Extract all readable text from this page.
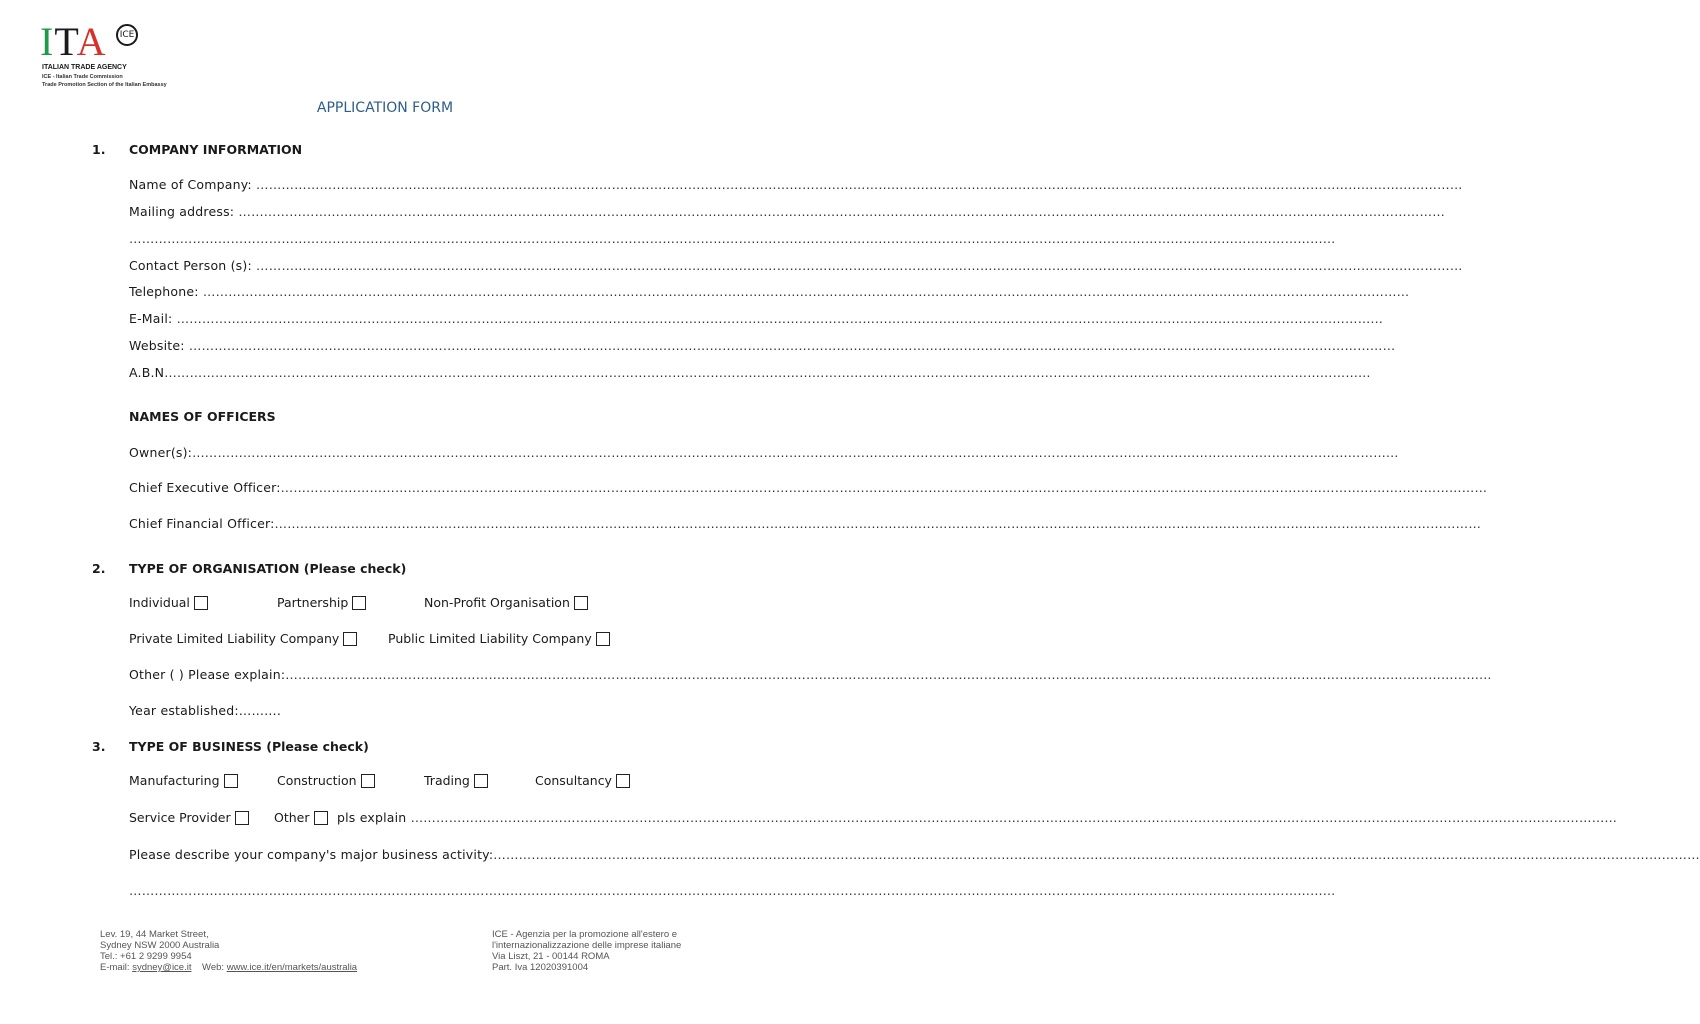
ITA	ICE
ITALIAN TRADE AGENCY
ICE - Italian Trade Commission
Trade Promotion Section of the Italian Embassy
APPLICATION FORM
1. COMPANY INFORMATION
Name of Company: ……………………………………………………………………………………………………………………………………………………………………………………………………………………………………………………………
Mailing address: ……………………………………………………………………………………………………………………………………………………………………………………………………………………………………………………………
……………………………………………………………………………………………………………………………………………………………………………………………………………………………………………………………
Contact Person (s): ……………………………………………………………………………………………………………………………………………………………………………………………………………………………………………………………
Telephone: ……………………………………………………………………………………………………………………………………………………………………………………………………………………………………………………………
E-Mail: ……………………………………………………………………………………………………………………………………………………………………………………………………………………………………………………………
Website: ……………………………………………………………………………………………………………………………………………………………………………………………………………………………………………………………
A.B.N……………………………………………………………………………………………………………………………………………………………………………………………………………………………………………………………
NAMES OF OFFICERS
Owner(s):……………………………………………………………………………………………………………………………………………………………………………………………………………………………………………………………
Chief Executive Officer:……………………………………………………………………………………………………………………………………………………………………………………………………………………………………………………………
Chief Financial Officer:……………………………………………………………………………………………………………………………………………………………………………………………………………………………………………………………
2. TYPE OF ORGANISATION (Please check)
Individual	Partnership	Non-Profit Organisation
Private Limited Liability Company	Public Limited Liability Company
Other ( ) Please explain:……………………………………………………………………………………………………………………………………………………………………………………………………………………………………………………………
Year established:……….
3. TYPE OF BUSINESS (Please check)
Manufacturing	Construction	Trading	Consultancy
Service Provider	Other pls explain ……………………………………………………………………………………………………………………………………………………………………………………………………………………………………………………………
Please describe your company's major business activity:……………………………………………………………………………………………………………………………………………………………………………………………………………………………………………………………
……………………………………………………………………………………………………………………………………………………………………………………………………………………………………………………………
Lev. 19, 44 Market Street,
Sydney NSW 2000 Australia
Tel.: +61 2 9299 9954
E-mail: sydney@ice.it Web: www.ice.it/en/markets/australia
ICE - Agenzia per la promozione all'estero e
l'internazionalizzazione delle imprese italiane
Via Liszt, 21 - 00144 ROMA
Part. Iva 12020391004
